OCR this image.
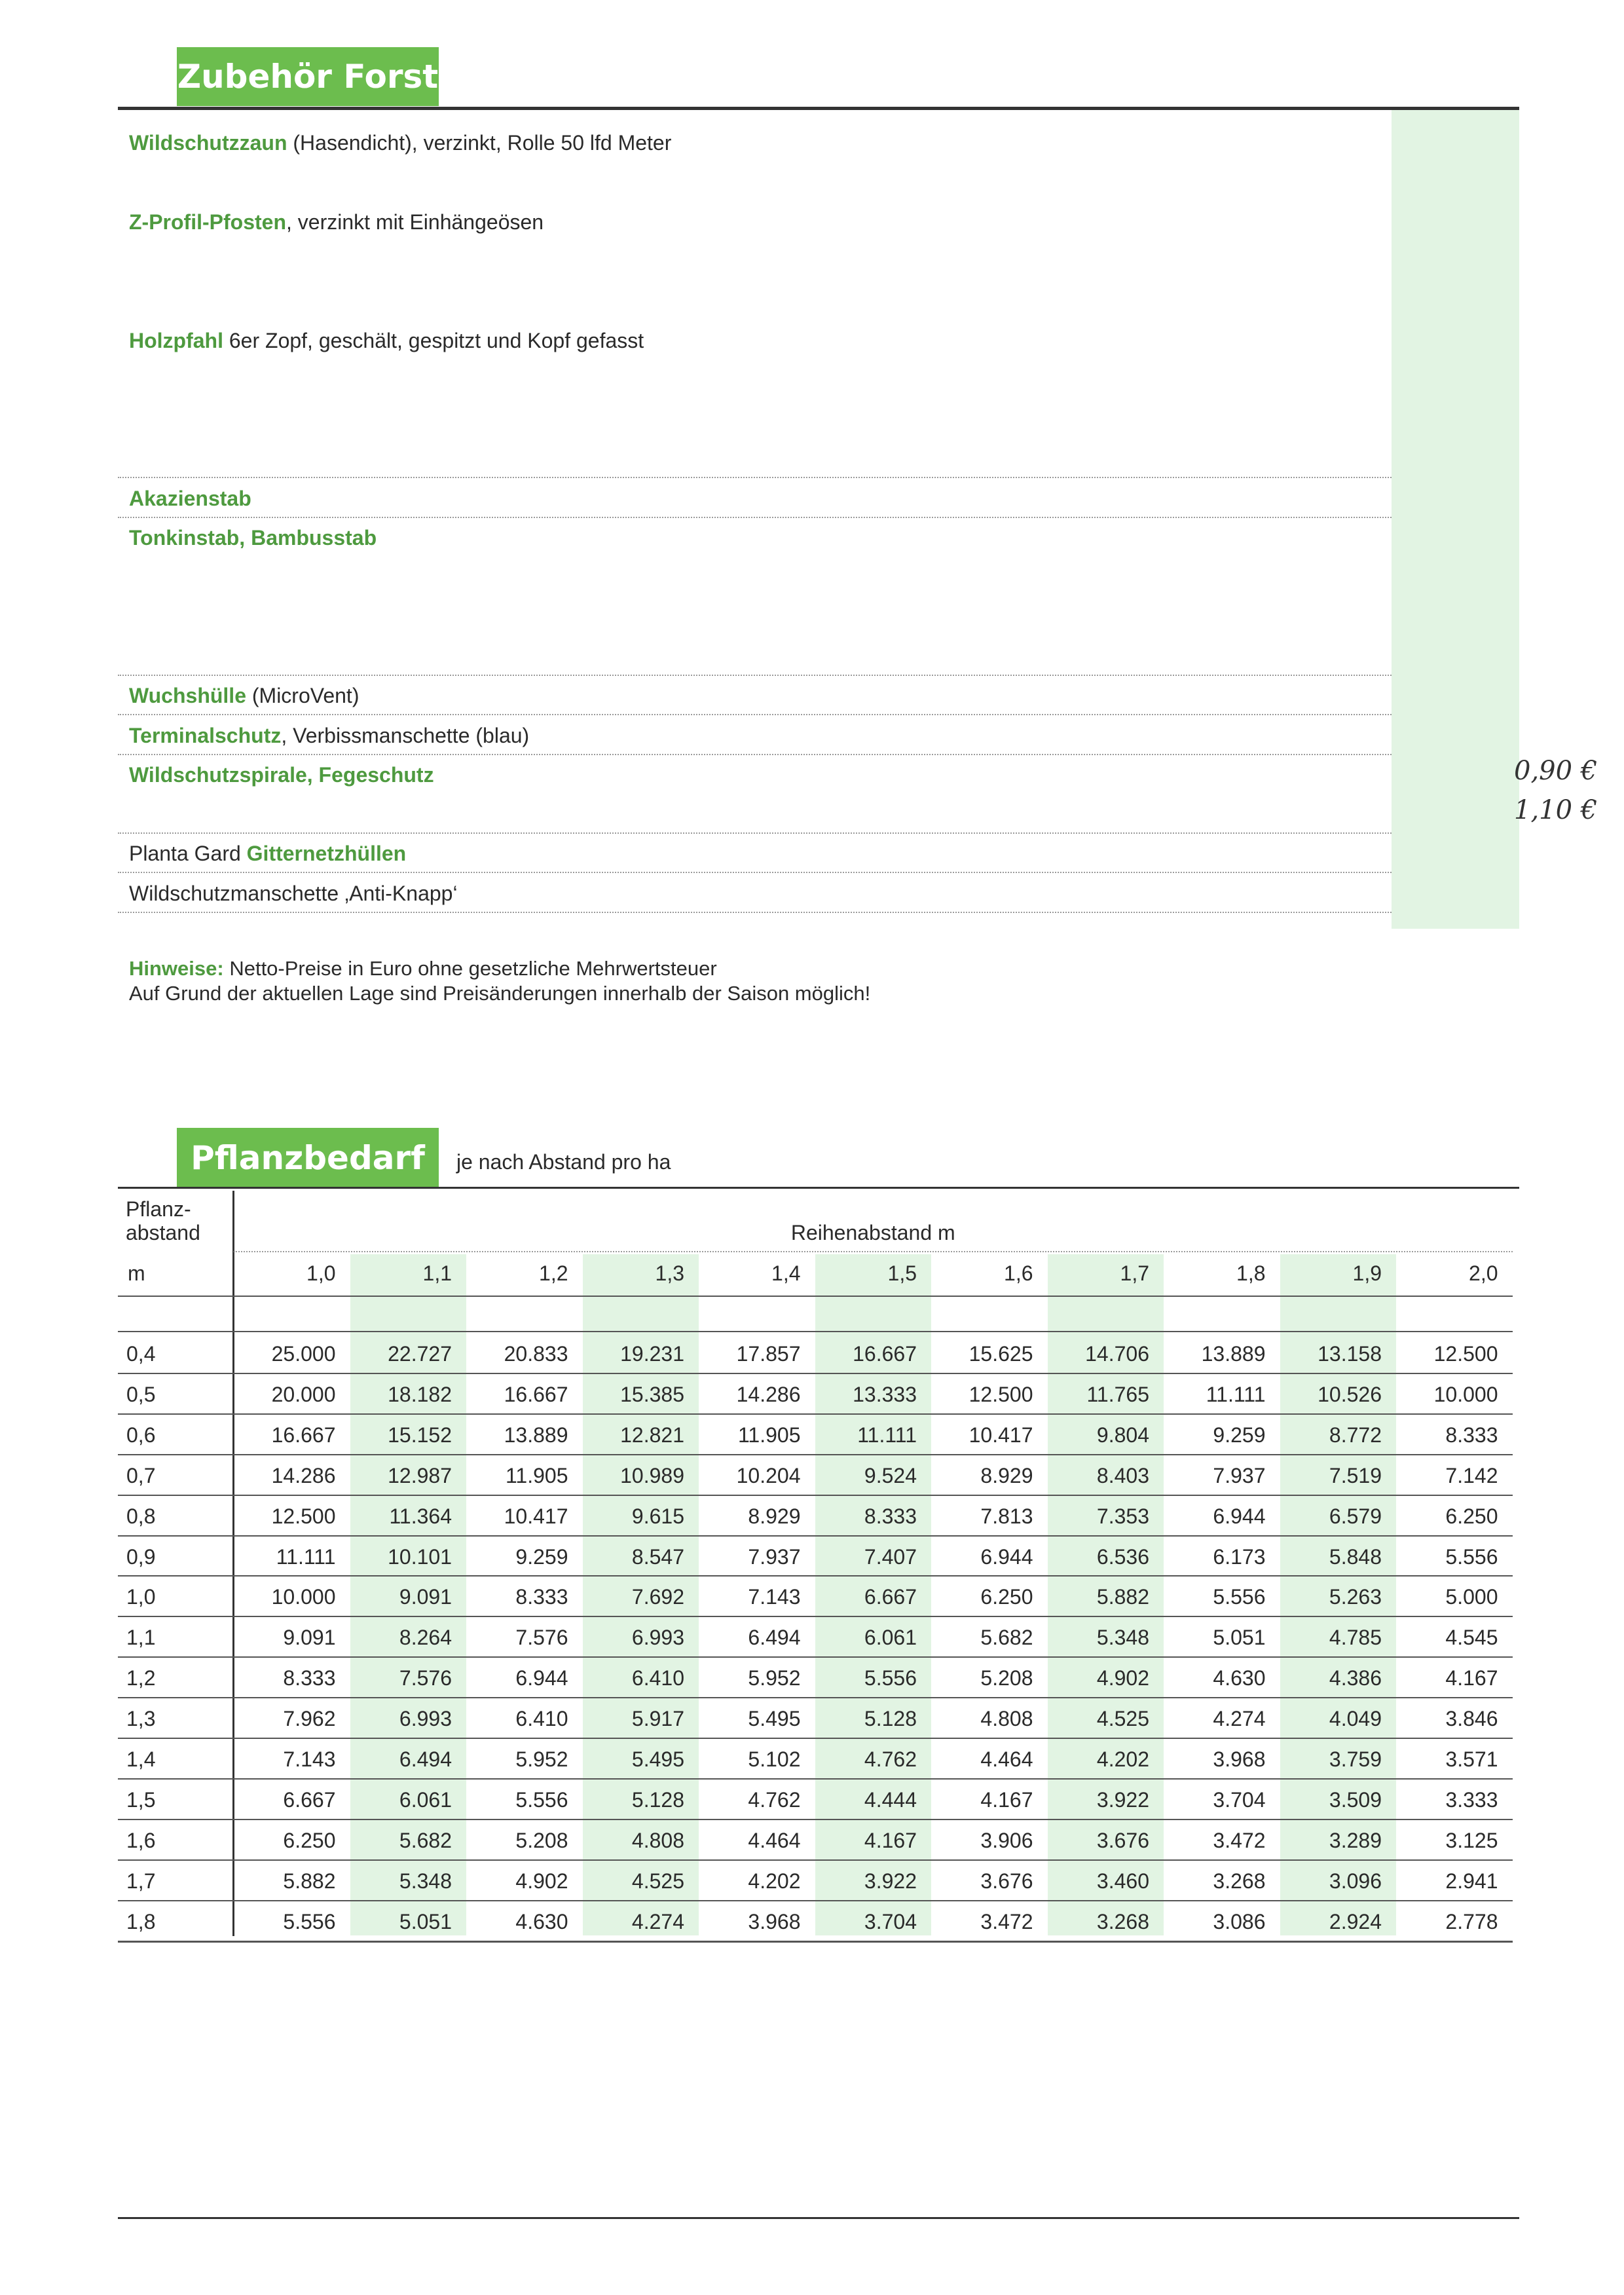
Zubehör Forst
Wildschutzzaun (Hasendicht), verzinkt, Rolle 50 lfd Meter
Z-Profil-Pfosten, verzinkt mit Einhängeösen
Holzpfahl 6er Zopf, geschält, gespitzt und Kopf gefasst
Akazienstab
Tonkinstab, Bambusstab
Wuchshülle (MicroVent)
Terminalschutz, Verbissmanschette (blau)
Wildschutzspirale, Fegeschutz	0,90 €
1,10 €
Planta Gard Gitternetzhüllen
Wildschutzmanschette ‚Anti-Knapp‘
Hinweise: Netto-Preise in Euro ohne gesetzliche Mehrwertsteuer
Auf Grund der aktuellen Lage sind Preisänderungen innerhalb der Saison möglich!
Pflanzbedarf	je nach Abstand pro ha
Pflanz-
abstand
m
Reihenabstand m
1,0	1,1	1,2	1,3	1,4	1,5	1,6	1,7	1,8	1,9	2,0
0,4	25.000	22.727	20.833	19.231	17.857	16.667	15.625	14.706	13.889	13.158	12.500
0,5	20.000	18.182	16.667	15.385	14.286	13.333	12.500	11.765	11.111	10.526	10.000
0,6	16.667	15.152	13.889	12.821	11.905	11.111	10.417	9.804	9.259	8.772	8.333
0,7	14.286	12.987	11.905	10.989	10.204	9.524	8.929	8.403	7.937	7.519	7.142
0,8	12.500	11.364	10.417	9.615	8.929	8.333	7.813	7.353	6.944	6.579	6.250
0,9	11.111	10.101	9.259	8.547	7.937	7.407	6.944	6.536	6.173	5.848	5.556
1,0	10.000	9.091	8.333	7.692	7.143	6.667	6.250	5.882	5.556	5.263	5.000
1,1	9.091	8.264	7.576	6.993	6.494	6.061	5.682	5.348	5.051	4.785	4.545
1,2	8.333	7.576	6.944	6.410	5.952	5.556	5.208	4.902	4.630	4.386	4.167
1,3	7.962	6.993	6.410	5.917	5.495	5.128	4.808	4.525	4.274	4.049	3.846
1,4	7.143	6.494	5.952	5.495	5.102	4.762	4.464	4.202	3.968	3.759	3.571
1,5	6.667	6.061	5.556	5.128	4.762	4.444	4.167	3.922	3.704	3.509	3.333
1,6	6.250	5.682	5.208	4.808	4.464	4.167	3.906	3.676	3.472	3.289	3.125
1,7	5.882	5.348	4.902	4.525	4.202	3.922	3.676	3.460	3.268	3.096	2.941
1,8	5.556	5.051	4.630	4.274	3.968	3.704	3.472	3.268	3.086	2.924	2.778
